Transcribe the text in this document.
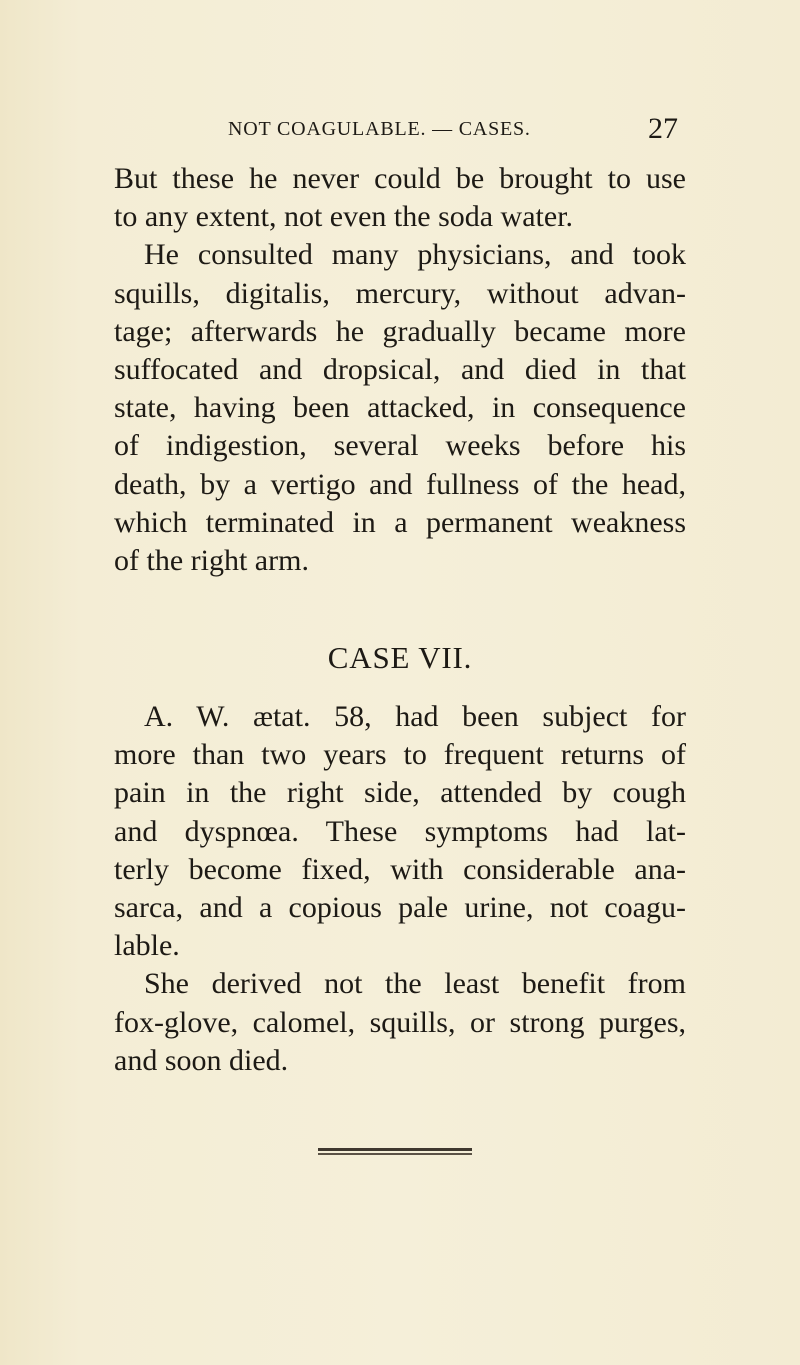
NOT COAGULABLE. — CASES.	27
But these he never could be brought to use
to any extent, not even the soda water.
He consulted many physicians, and took
squills, digitalis, mercury, without advan-
tage; afterwards he gradually became more
suffocated and dropsical, and died in that
state, having been attacked, in consequence
of indigestion, several weeks before his
death, by a vertigo and fullness of the head,
which terminated in a permanent weakness
of the right arm.
CASE VII.
A. W. ætat. 58, had been subject for
more than two years to frequent returns of
pain in the right side, attended by cough
and dyspnœa. These symptoms had lat-
terly become fixed, with considerable ana-
sarca, and a copious pale urine, not coagu-
lable.
She derived not the least benefit from
fox-glove, calomel, squills, or strong purges,
and soon died.
